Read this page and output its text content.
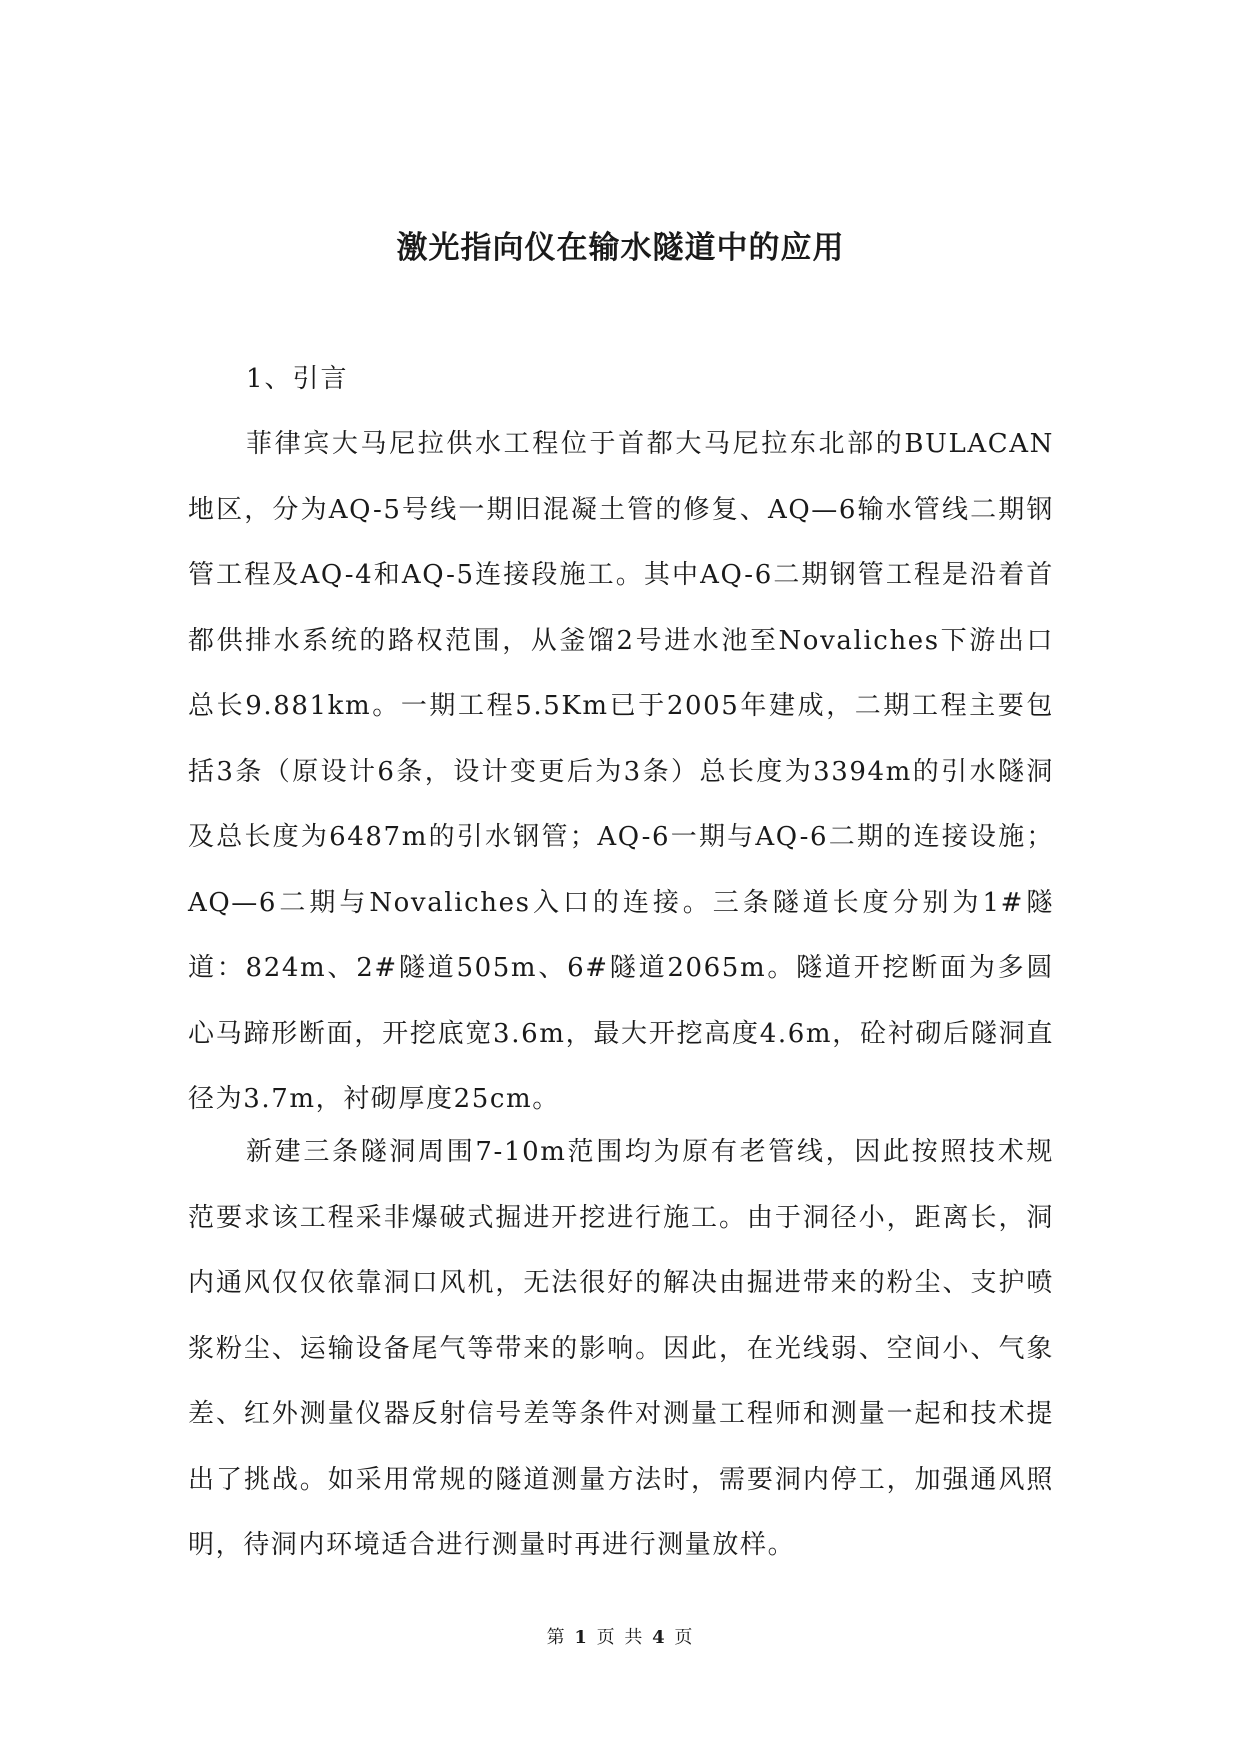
激光指向仪在输水隧道中的应用
1、引言

菲律宾大马尼拉供水工程位于首都大马尼拉东北部的BULACAN地区，分为AQ-5号线一期旧混凝土管的修复、AQ—6输水管线二期钢管工程及AQ-4和AQ-5连接段施工。其中AQ-6二期钢管工程是沿着首都供排水系统的路权范围，从釜馏2号进水池至Novaliches下游出口总长9.881km。一期工程5.5Km已于2005年建成，二期工程主要包括3条（原设计6条，设计变更后为3条）总长度为3394m的引水隧洞及总长度为6487m的引水钢管；AQ-6一期与AQ-6二期的连接设施；AQ—6二期与Novaliches入口的连接。三条隧道长度分别为1#隧道：824m、2#隧道505m、6#隧道2065m。隧道开挖断面为多圆心马蹄形断面，开挖底宽3.6m，最大开挖高度4.6m，砼衬砌后隧洞直径为3.7m，衬砌厚度25cm。

新建三条隧洞周围7-10m范围均为原有老管线，因此按照技术规范要求该工程采非爆破式掘进开挖进行施工。由于洞径小，距离长，洞内通风仅仅依靠洞口风机，无法很好的解决由掘进带来的粉尘、支护喷浆粉尘、运输设备尾气等带来的影响。因此，在光线弱、空间小、气象差、红外测量仪器反射信号差等条件对测量工程师和测量一起和技术提出了挑战。如采用常规的隧道测量方法时，需要洞内停工，加强通风照明，待洞内环境适合进行测量时再进行测量放样。

第 1 页 共 4 页
